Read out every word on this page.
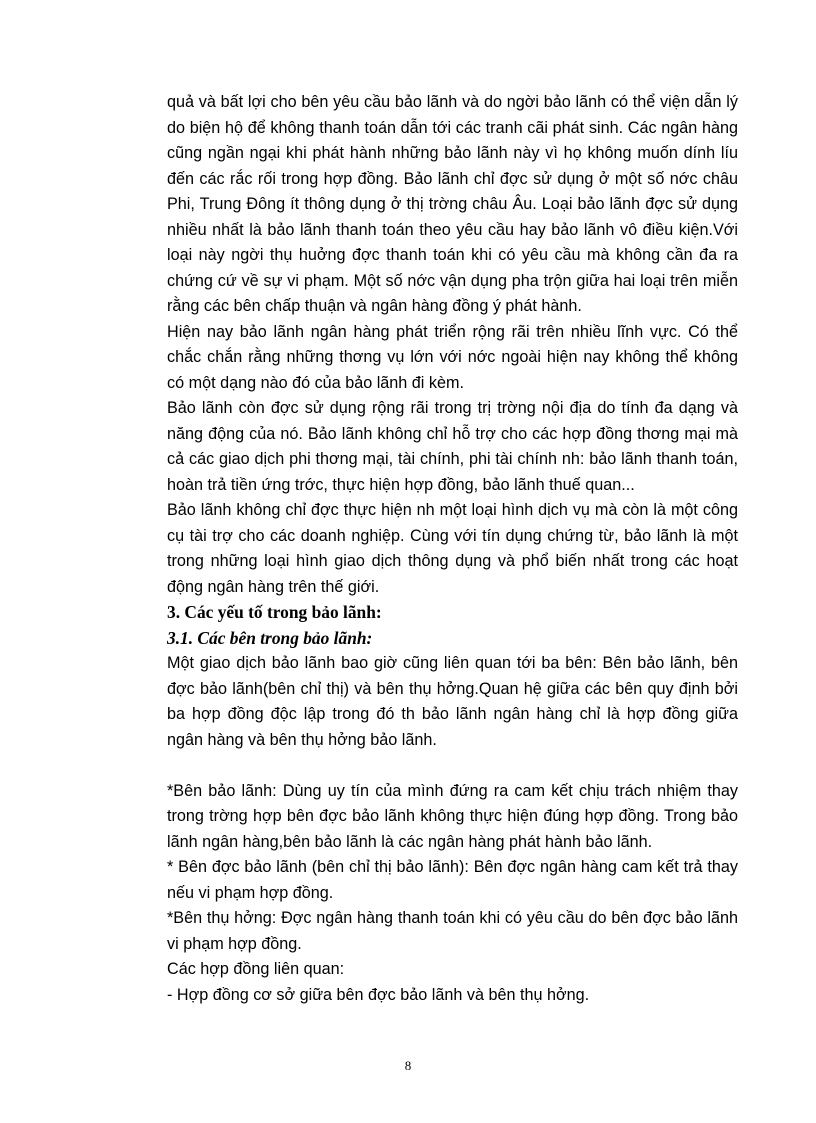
quả và bất lợi cho bên yêu cầu bảo lãnh và do ngời bảo lãnh có thể viện dẫn lý do biện hộ để không thanh toán dẫn tới các tranh cãi phát sinh. Các ngân hàng cũng ngần ngại khi phát hành những bảo lãnh này vì họ không muốn dính líu đến các rắc rối trong hợp đồng. Bảo lãnh chỉ đợc sử dụng ở một số nớc châu Phi, Trung Đông ít thông dụng ở thị trờng châu Âu. Loại bảo lãnh đợc sử dụng nhiều nhất là bảo lãnh thanh toán theo yêu cầu hay bảo lãnh vô điều kiện.Với loại này ngời thụ huởng đợc thanh toán khi có yêu cầu mà không cần đa ra chứng cứ về sự vi phạm. Một số nớc vận dụng pha trộn giữa hai loại trên miễn rằng các bên chấp thuận và ngân hàng đồng ý phát hành.

Hiện nay bảo lãnh ngân hàng phát triển rộng rãi trên nhiều lĩnh vực. Có thể chắc chắn rằng những thơng vụ lớn với nớc ngoài hiện nay không thể không có một dạng nào đó của bảo lãnh đi kèm.

Bảo lãnh còn đợc sử dụng rộng rãi trong trị trờng nội địa do tính đa dạng và năng động của nó. Bảo lãnh không chỉ hỗ trợ cho các hợp đồng thơng mại mà cả các giao dịch phi thơng mại, tài chính, phi tài chính nh: bảo lãnh thanh toán, hoàn trả tiền ứng trớc, thực hiện hợp đồng, bảo lãnh thuế quan...

Bảo lãnh không chỉ đợc thực hiện nh một loại hình dịch vụ mà còn là một công cụ tài trợ cho các doanh nghiệp. Cùng với tín dụng chứng từ, bảo lãnh là một trong những loại hình giao dịch thông dụng và phổ biến nhất trong các hoạt động ngân hàng trên thế giới.

3. Các yếu tố trong bảo lãnh:

3.1. Các bên trong bảo lãnh:

Một giao dịch bảo lãnh bao giờ cũng liên quan tới ba bên: Bên bảo lãnh, bên đợc bảo lãnh(bên chỉ thị) và bên thụ hởng.Quan hệ giữa các bên quy định bởi ba hợp đồng độc lập trong đó th bảo lãnh ngân hàng chỉ là hợp đồng giữa ngân hàng và bên thụ hởng bảo lãnh.

*Bên bảo lãnh: Dùng uy tín của mình đứng ra cam kết chịu trách nhiệm thay trong trờng hợp bên đợc bảo lãnh không thực hiện đúng hợp đồng. Trong bảo lãnh ngân hàng,bên bảo lãnh là các ngân hàng phát hành bảo lãnh.

* Bên đợc bảo lãnh (bên chỉ thị bảo lãnh): Bên đợc ngân hàng cam kết trả thay nếu vi phạm hợp đồng.

*Bên thụ hởng: Đợc ngân hàng thanh toán khi có yêu cầu do bên đợc bảo lãnh vi phạm hợp đồng.

Các hợp đồng liên quan:

- Hợp đồng cơ sở giữa bên đợc bảo lãnh và bên thụ hởng.

8
